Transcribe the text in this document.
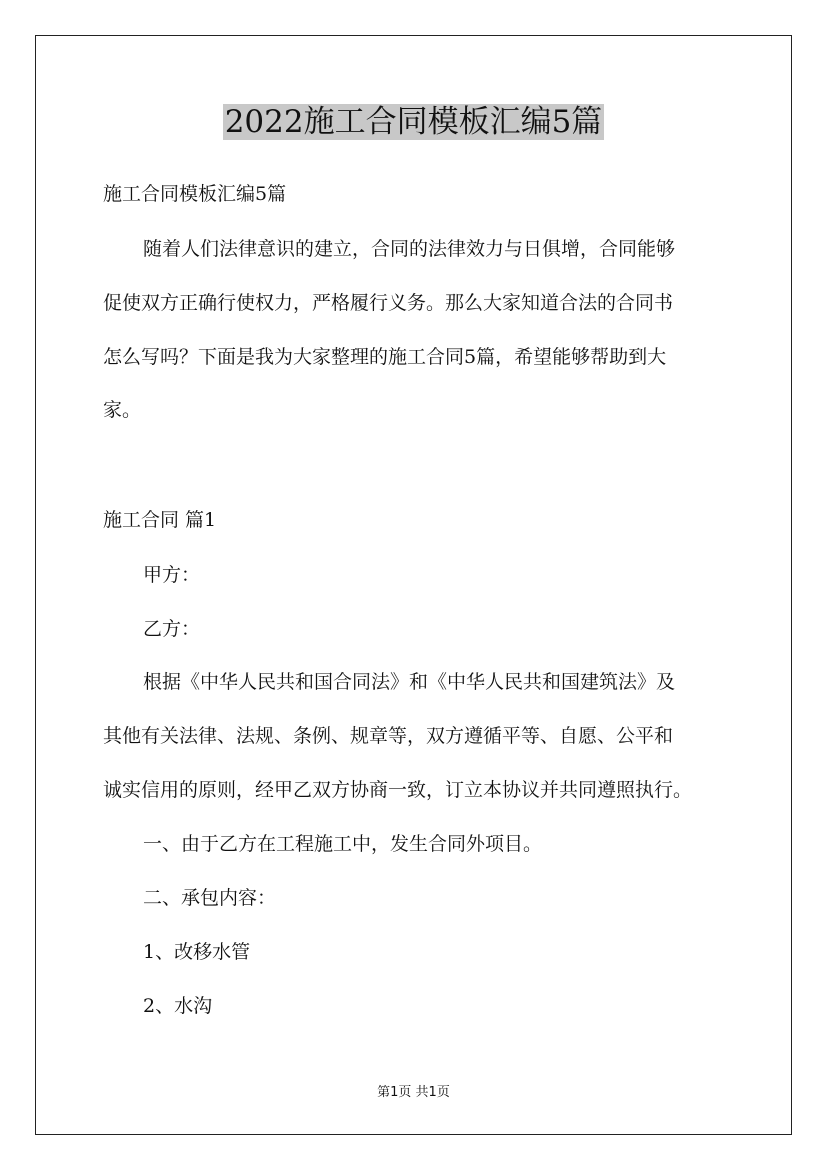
2022施工合同模板汇编5篇
施工合同模板汇编5篇
随着人们法律意识的建立，合同的法律效力与日俱增，合同能够
促使双方正确行使权力，严格履行义务。那么大家知道合法的合同书
怎么写吗？下面是我为大家整理的施工合同5篇，希望能够帮助到大
家。
施工合同 篇1
甲方：
乙方：
根据《中华人民共和国合同法》和《中华人民共和国建筑法》及
其他有关法律、法规、条例、规章等，双方遵循平等、自愿、公平和
诚实信用的原则，经甲乙双方协商一致，订立本协议并共同遵照执行。
一、由于乙方在工程施工中，发生合同外项目。
二、承包内容：
1、改移水管
2、水沟
第1页 共1页
